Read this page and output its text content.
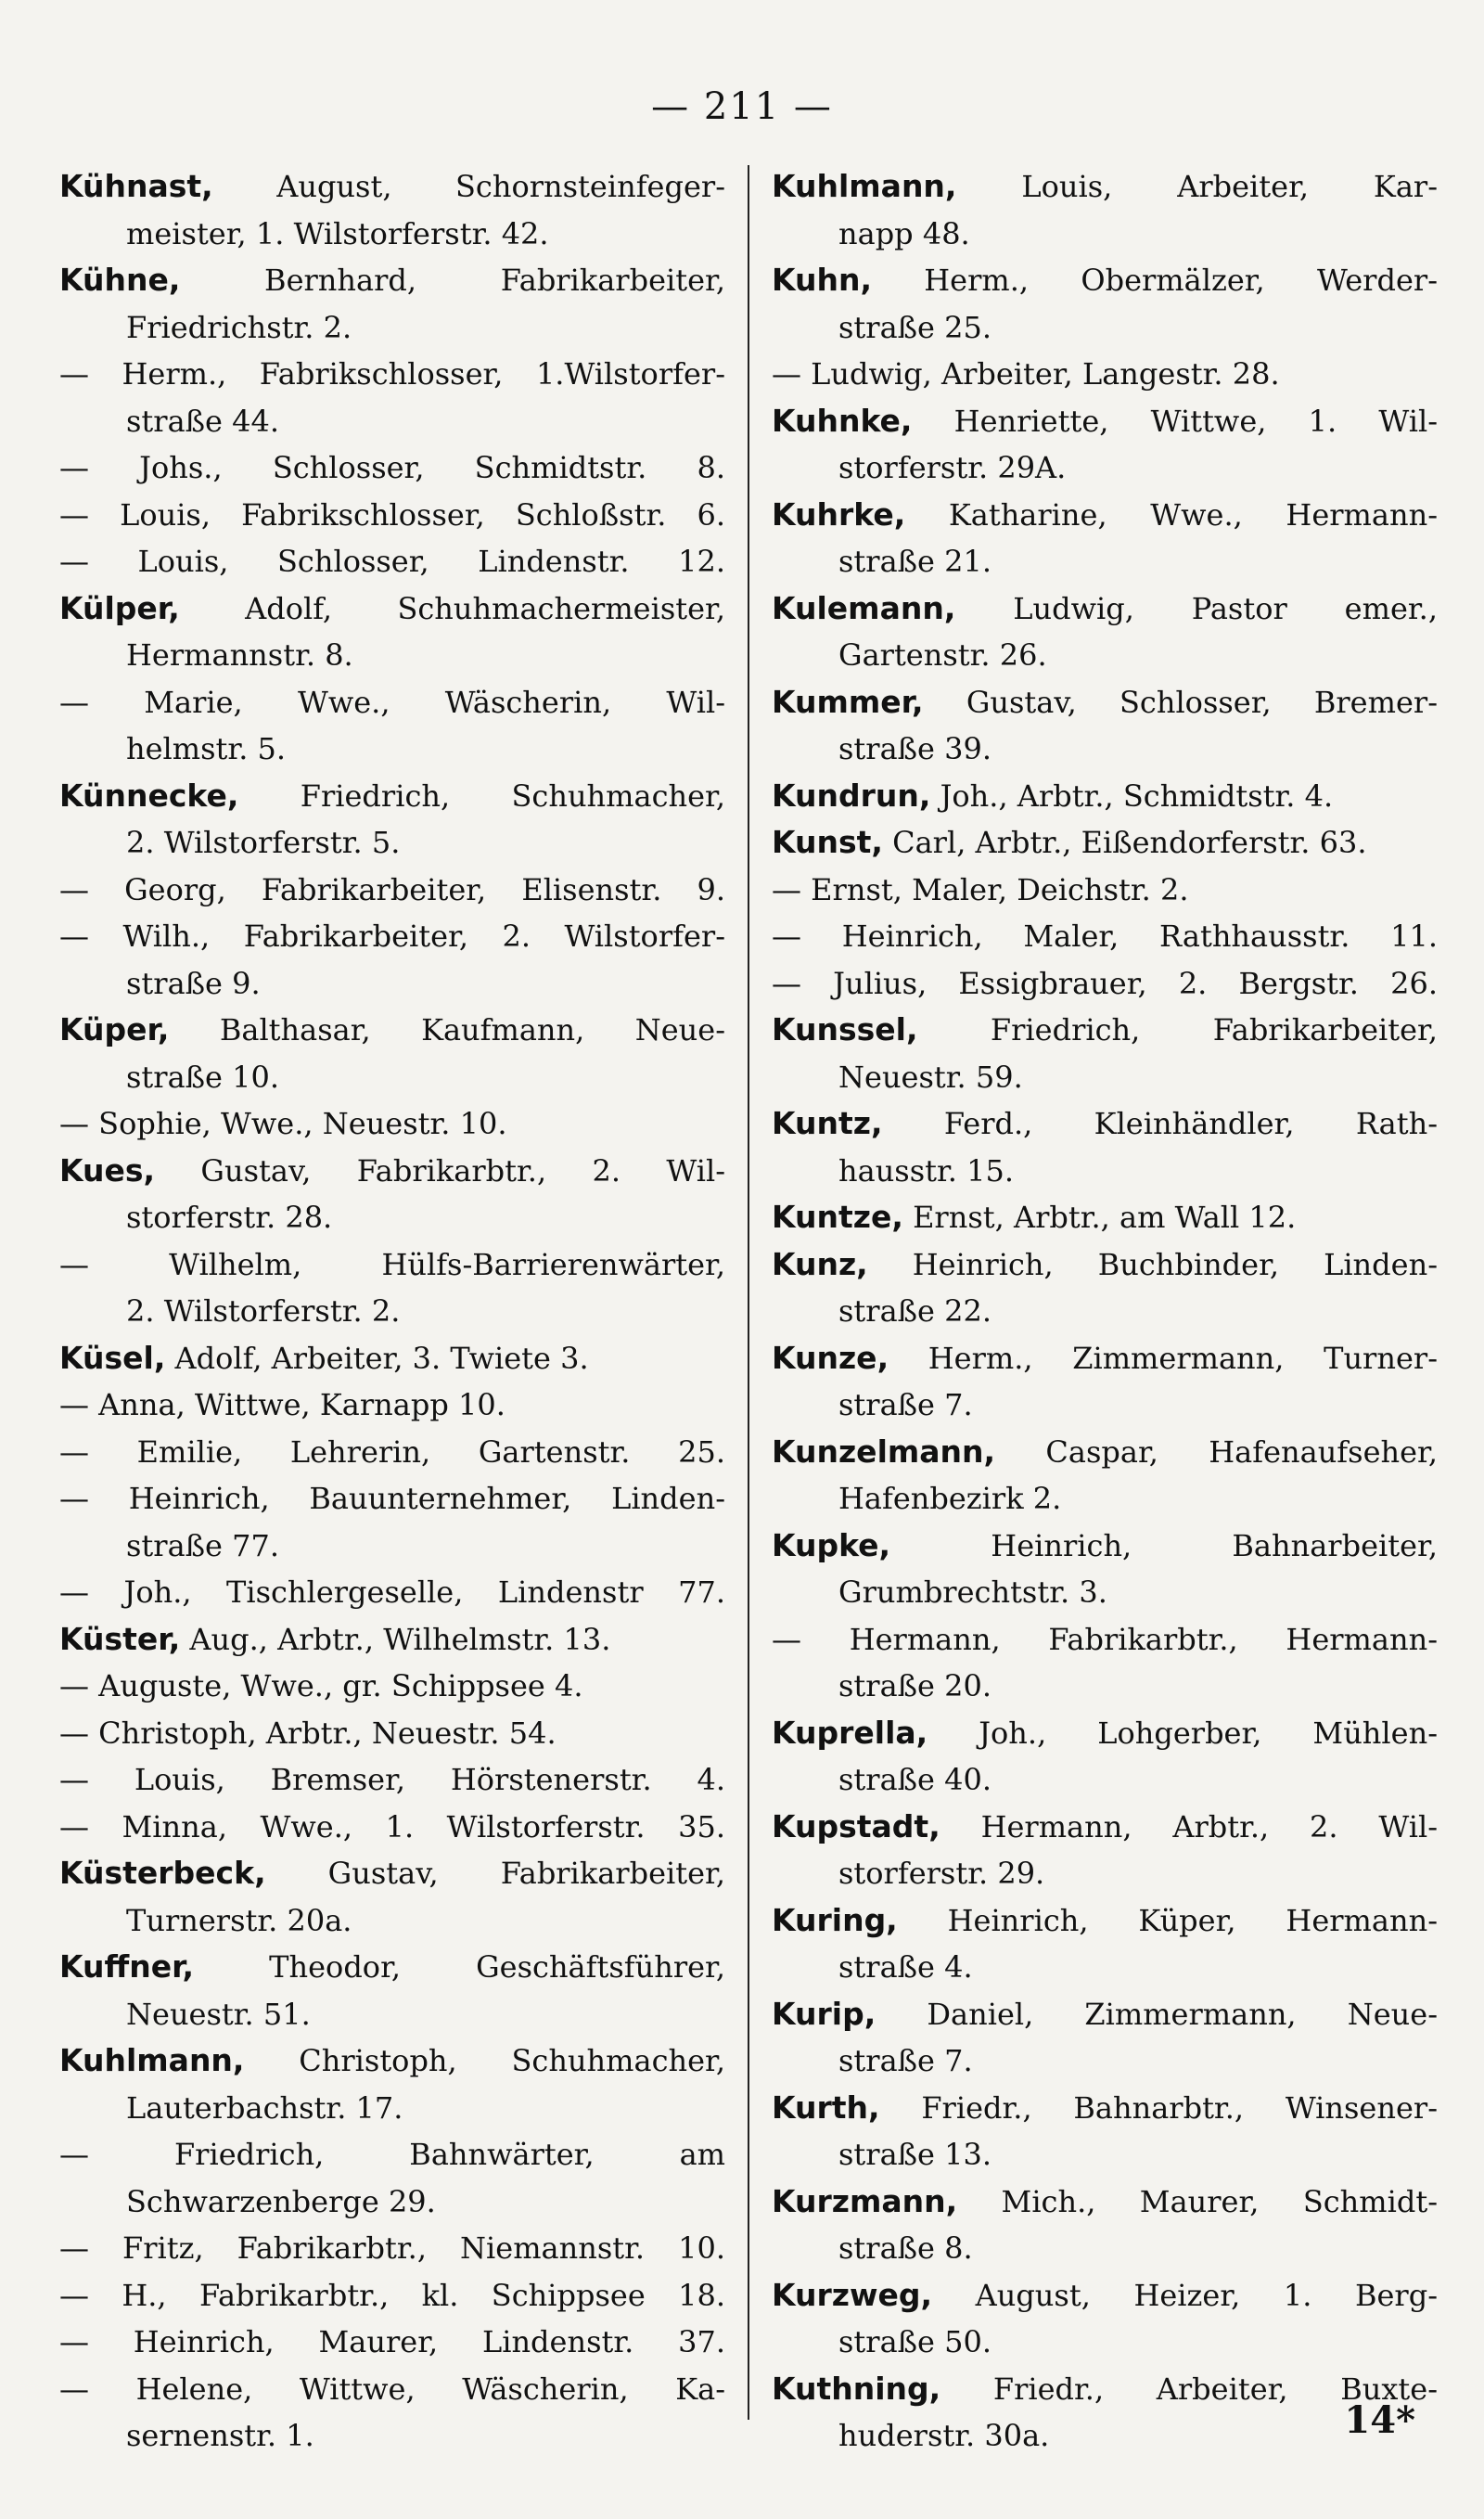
— 211 —

Kühnast, August, Schornsteinfeger-
meister, 1. Wilstorferstr. 42.

Kühne,	Bernhard, Fabrikarbeiter,
Friedrichstr. 2.

— Herm., Fabrikschlosser, 1.Wilstorfer-
straße 44.

— Johs., Schlosser, Schmidtstr. 8.

— Louis, Fabrikschlosser, Schloßstr. 6.

— Louis, Schlosser, Lindenstr. 12.

Külper, Adolf, Schuhmachermeister,
Hermannstr. 8.

— Marie, Wwe., Wäscherin, Wil-
helmstr. 5.

Künnecke, Friedrich, Schuhmacher,
2. Wilstorferstr. 5.

— Georg, Fabrikarbeiter, Elisenstr. 9.

— Wilh., Fabrikarbeiter, 2. Wilstorfer-
straße 9.

Küper, Balthasar, Kaufmann, Neue-
straße 10.

— Sophie, Wwe., Neuestr. 10.

Kues, Gustav, Fabrikarbtr., 2. Wil-
storferstr. 28.

— Wilhelm, Hülfs-Barrierenwärter,
2. Wilstorferstr. 2.

Küsel, Adolf, Arbeiter, 3. Twiete 3.

— Anna, Wittwe, Karnapp 10.

— Emilie, Lehrerin, Gartenstr. 25.

— Heinrich, Bauunternehmer, Linden-
straße 77.

— Joh., Tischlergeselle, Lindenstr 77.

Küster, Aug., Arbtr., Wilhelmstr. 13.

— Auguste, Wwe., gr. Schippsee 4.

— Christoph, Arbtr., Neuestr. 54.

— Louis, Bremser, Hörstenerstr. 4.

— Minna, Wwe., 1. Wilstorferstr. 35.

Küsterbeck, Gustav, Fabrikarbeiter,
Turnerstr. 20a.

Kuffner,	Theodor, Geschäftsführer,
Neuestr. 51.

Kuhlmann, Christoph, Schuhmacher,
Lauterbachstr. 17.

— Friedrich, Bahnwärter, am
Schwarzenberge 29.

— Fritz, Fabrikarbtr., Niemannstr. 10.

— H., Fabrikarbtr., kl. Schippsee 18.

— Heinrich, Maurer, Lindenstr. 37.

— Helene, Wittwe, Wäscherin, Ka-
sernenstr. 1.

Kuhlmann, Louis, Arbeiter, Kar-
napp 48.

Kuhn, Herm., Obermälzer, Werder-
straße 25.

— Ludwig, Arbeiter, Langestr. 28.

Kuhnke, Henriette, Wittwe, 1. Wil-
storferstr. 29A.

Kuhrke, Katharine, Wwe., Hermann-
straße 21.

Kulemann, Ludwig, Pastor emer.,
Gartenstr. 26.

Kummer, Gustav, Schlosser, Bremer-
straße 39.

Kundrun, Joh., Arbtr., Schmidtstr. 4.

Kunst, Carl, Arbtr., Eißendorferstr. 63.

— Ernst, Maler, Deichstr. 2.

— Heinrich, Maler, Rathhausstr. 11.

— Julius, Essigbrauer, 2. Bergstr. 26.

Kunssel, Friedrich, Fabrikarbeiter,
Neuestr. 59.

Kuntz, Ferd., Kleinhändler, Rath-
hausstr. 15.

Kuntze, Ernst, Arbtr., am Wall 12.

Kunz, Heinrich, Buchbinder, Linden-
straße 22.

Kunze, Herm., Zimmermann, Turner-
straße 7.

Kunzelmann, Caspar, Hafenaufseher,
Hafenbezirk 2.

Kupke,	Heinrich, Bahnarbeiter,
Grumbrechtstr. 3.

— Hermann, Fabrikarbtr., Hermann-
straße 20.

Kuprella, Joh., Lohgerber, Mühlen-
straße 40.

Kupstadt, Hermann, Arbtr., 2. Wil-
storferstr. 29.

Kuring, Heinrich, Küper, Hermann-
straße 4.

Kurip, Daniel, Zimmermann, Neue-
straße 7.

Kurth, Friedr., Bahnarbtr., Winsener-
straße 13.

Kurzmann, Mich., Maurer, Schmidt-
straße 8.

Kurzweg, August, Heizer, 1. Berg-
straße 50.

Kuthning, Friedr., Arbeiter, Buxte-
huderstr. 30a.	14*
